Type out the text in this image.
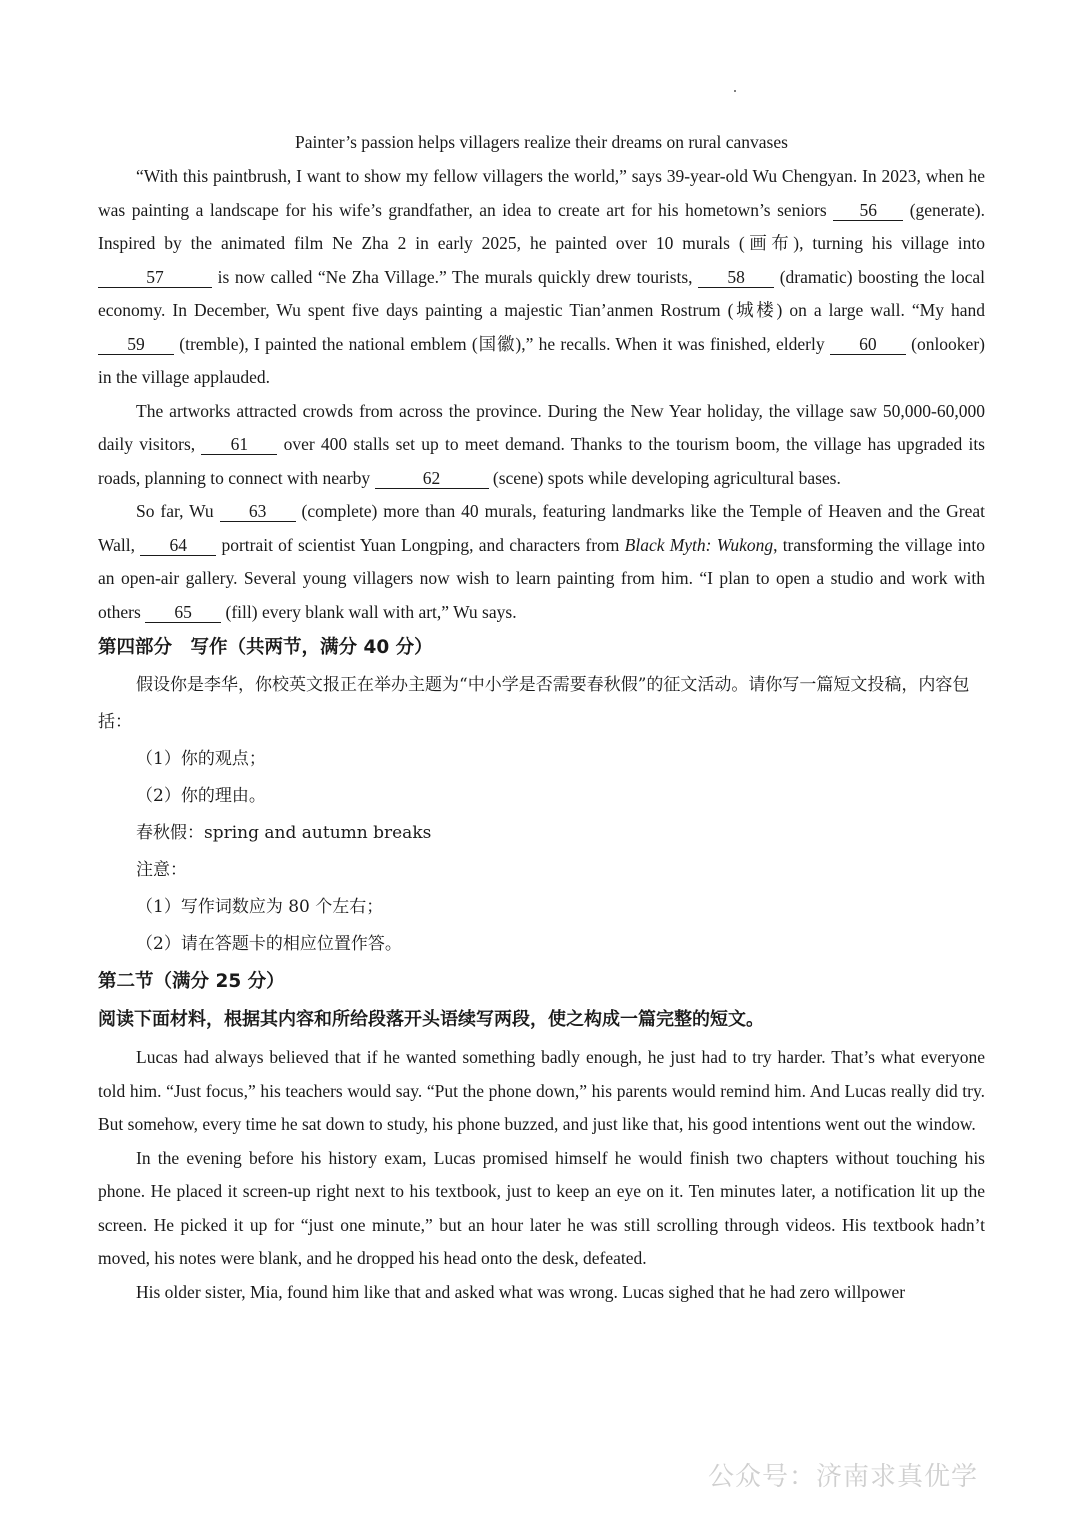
Painter’s passion helps villagers realize their dreams on rural canvases

“With this paintbrush, I want to show my fellow villagers the world,” says 39-year-old Wu Chengyan. In 2023, when he was painting a landscape for his wife’s grandfather, an idea to create art for his hometown’s seniors 56 (generate). Inspired by the animated film Ne Zha 2 in early 2025, he painted over 10 murals (画布), turning his village into 57	is now called “Ne Zha Village.” The murals quickly drew tourists, 58 (dramatic) boosting the local economy. In December, Wu spent five days painting a majestic Tian’anmen Rostrum (城楼) on a large wall. “My hand 59 (tremble), I painted the national emblem (国徽),” he recalls. When it was finished, elderly 60 (onlooker) in the village applauded.

The artworks attracted crowds from across the province. During the New Year holiday, the village saw 50,000-60,000 daily visitors, 61 over 400 stalls set up to meet demand. Thanks to the tourism boom, the village has upgraded its roads, planning to connect with nearby	62	(scene) spots while developing agricultural bases.

So far, Wu 63 (complete) more than 40 murals, featuring landmarks like the Temple of Heaven and the Great Wall, 64 portrait of scientist Yuan Longping, and characters from Black Myth: Wukong, transforming the village into an open-air gallery. Several young villagers now wish to learn painting from him. “I plan to open a studio and work with others 65 (fill) every blank wall with art,” Wu says.

第四部分　写作（共两节，满分 40 分）
假设你是李华，你校英文报正在举办主题为“中小学是否需要春秋假”的征文活动。请你写一篇短文投稿，内容包括：
（1）你的观点；
（2）你的理由。
春秋假：spring and autumn breaks
注意：
（1）写作词数应为 80 个左右；
（2）请在答题卡的相应位置作答。
第二节（满分 25 分）
阅读下面材料，根据其内容和所给段落开头语续写两段，使之构成一篇完整的短文。

Lucas had always believed that if he wanted something badly enough, he just had to try harder. That’s what everyone told him. “Just focus,” his teachers would say. “Put the phone down,” his parents would remind him. And Lucas really did try. But somehow, every time he sat down to study, his phone buzzed, and just like that, his good intentions went out the window.

In the evening before his history exam, Lucas promised himself he would finish two chapters without touching his phone. He placed it screen-up right next to his textbook, just to keep an eye on it. Ten minutes later, a notification lit up the screen. He picked it up for “just one minute,” but an hour later he was still scrolling through videos. His textbook hadn’t moved, his notes were blank, and he dropped his head onto the desk, defeated.

His older sister, Mia, found him like that and asked what was wrong. Lucas sighed that he had zero willpower

公众号：济南求真优学
